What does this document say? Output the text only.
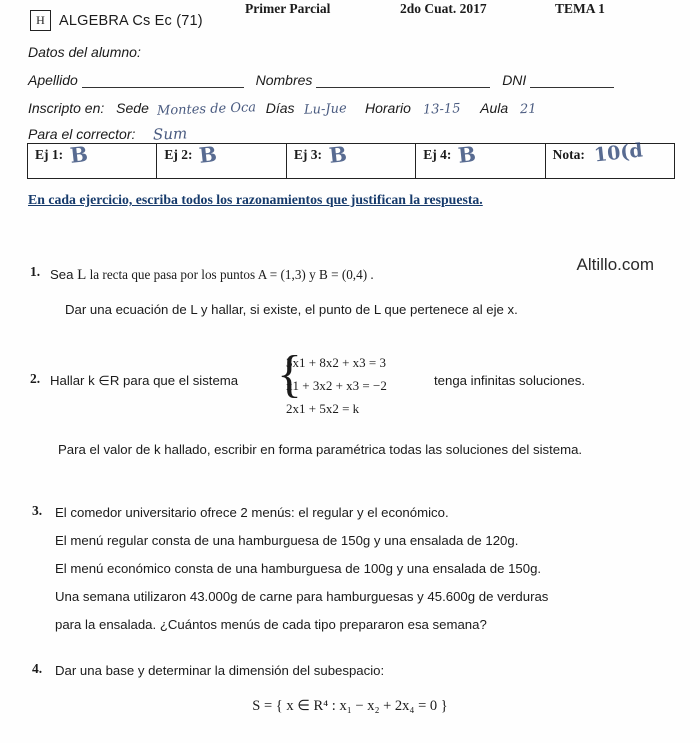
H ALGEBRA Cs Ec (71)
Primer Parcial	2do Cuat. 2017	TEMA 1
Datos del alumno:
Apellido	Nombres	DNI
Inscripto en: Sede Montes de Oca Días Lu-Jue Horario 13-15 Aula 21
Para el corrector: Sum
Ej 1: B	Ej 2: B	Ej 3: B	Ej 4: B	Nota: 10(d
En cada ejercicio, escriba todos los razonamientos que justifican la respuesta.
Altillo.com
1. Sea L la recta que pasa por los puntos A = (1,3) y B = (0,4) .
Dar una ecuación de L y hallar, si existe, el punto de L que pertenece al eje x.
2. Hallar k ∈R para que el sistema {
3x1 + 8x2 + x3 = 3
x1 + 3x2 + x3 = −2
2x1 + 5x2 = k
tenga infinitas soluciones.
Para el valor de k hallado, escribir en forma paramétrica todas las soluciones del sistema.
3. El comedor universitario ofrece 2 menús: el regular y el económico.
El menú regular consta de una hamburguesa de 150g y una ensalada de 120g.
El menú económico consta de una hamburguesa de 100g y una ensalada de 150g.
Una semana utilizaron 43.000g de carne para hamburguesas y 45.600g de verduras
para la ensalada. ¿Cuántos menús de cada tipo prepararon esa semana?
4. Dar una base y determinar la dimensión del subespacio:
S = { x ∈ R⁴ : x₁ − x₂ + 2x₄ = 0 }
